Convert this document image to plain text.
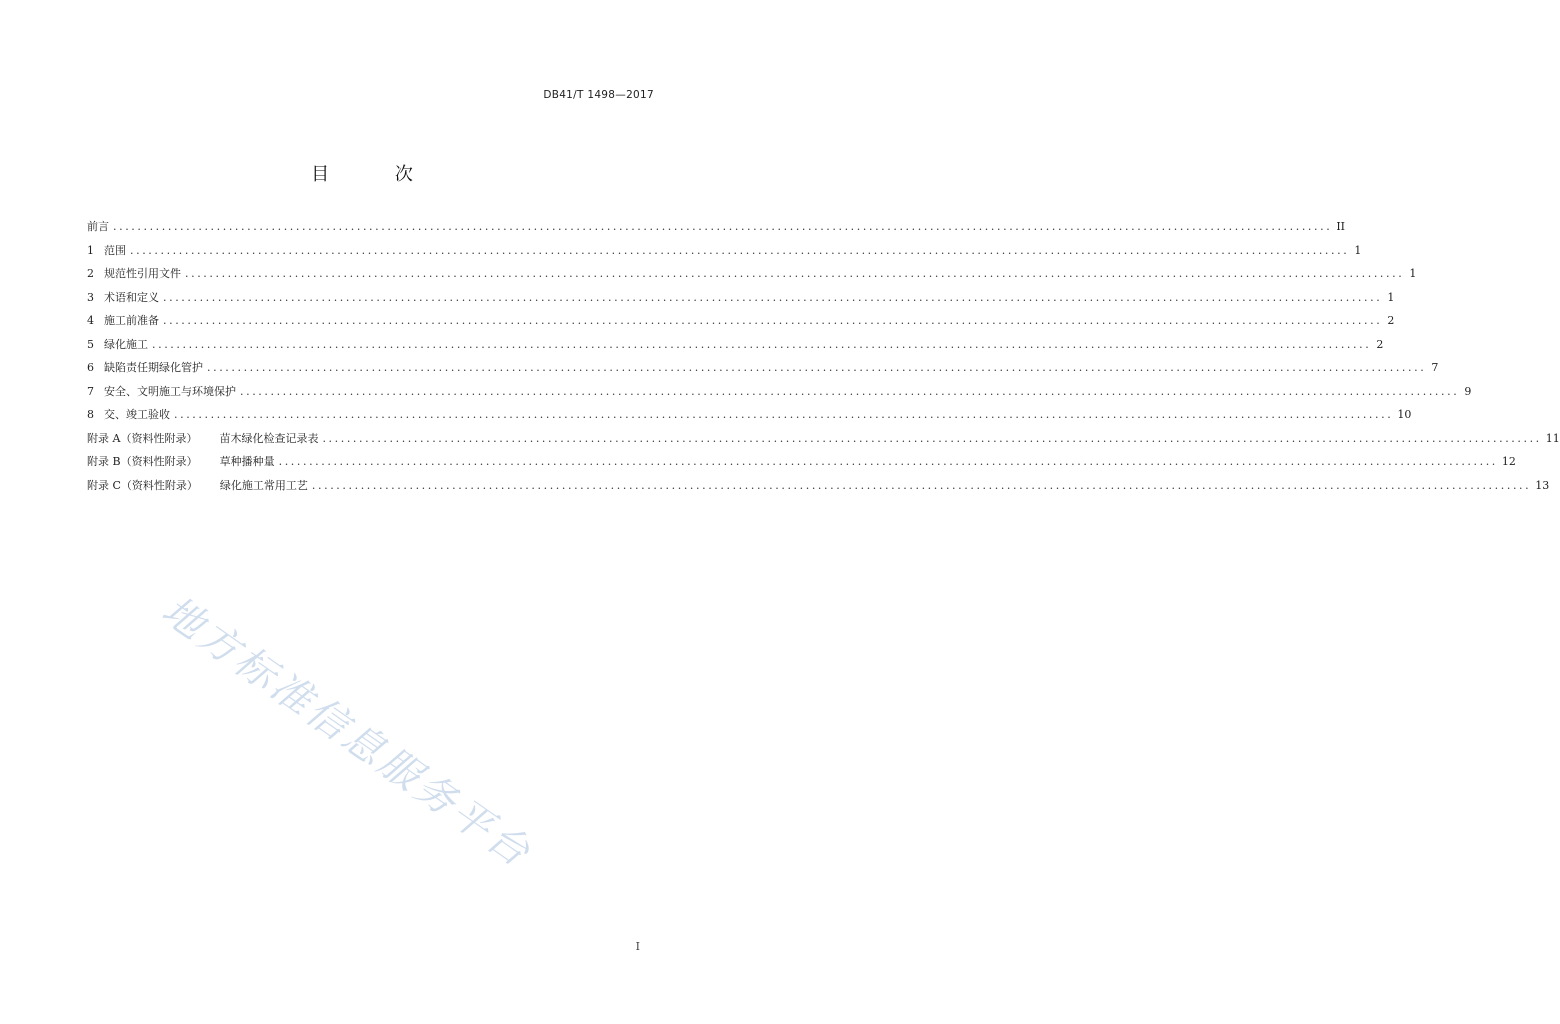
DB41/T 1498—2017
目 次
前言 ........................................................................................................................................................................................................ II
1 范围 ........................................................................................................................................................................................................ 1
2 规范性引用文件 ........................................................................................................................................................................................................ 1
3 术语和定义 ........................................................................................................................................................................................................ 1
4 施工前准备 ........................................................................................................................................................................................................ 2
5 绿化施工 ........................................................................................................................................................................................................ 2
6 缺陷责任期绿化管护 ........................................................................................................................................................................................................ 7
7 安全、文明施工与环境保护 ........................................................................................................................................................................................................ 9
8 交、竣工验收 ........................................................................................................................................................................................................ 10
附录 A（资料性附录） 苗木绿化检查记录表 ........................................................................................................................................................................................................ 11
附录 B（资料性附录） 草种播种量 ........................................................................................................................................................................................................ 12
附录 C（资料性附录） 绿化施工常用工艺 ........................................................................................................................................................................................................ 13
I
地方标准信息服务平台
